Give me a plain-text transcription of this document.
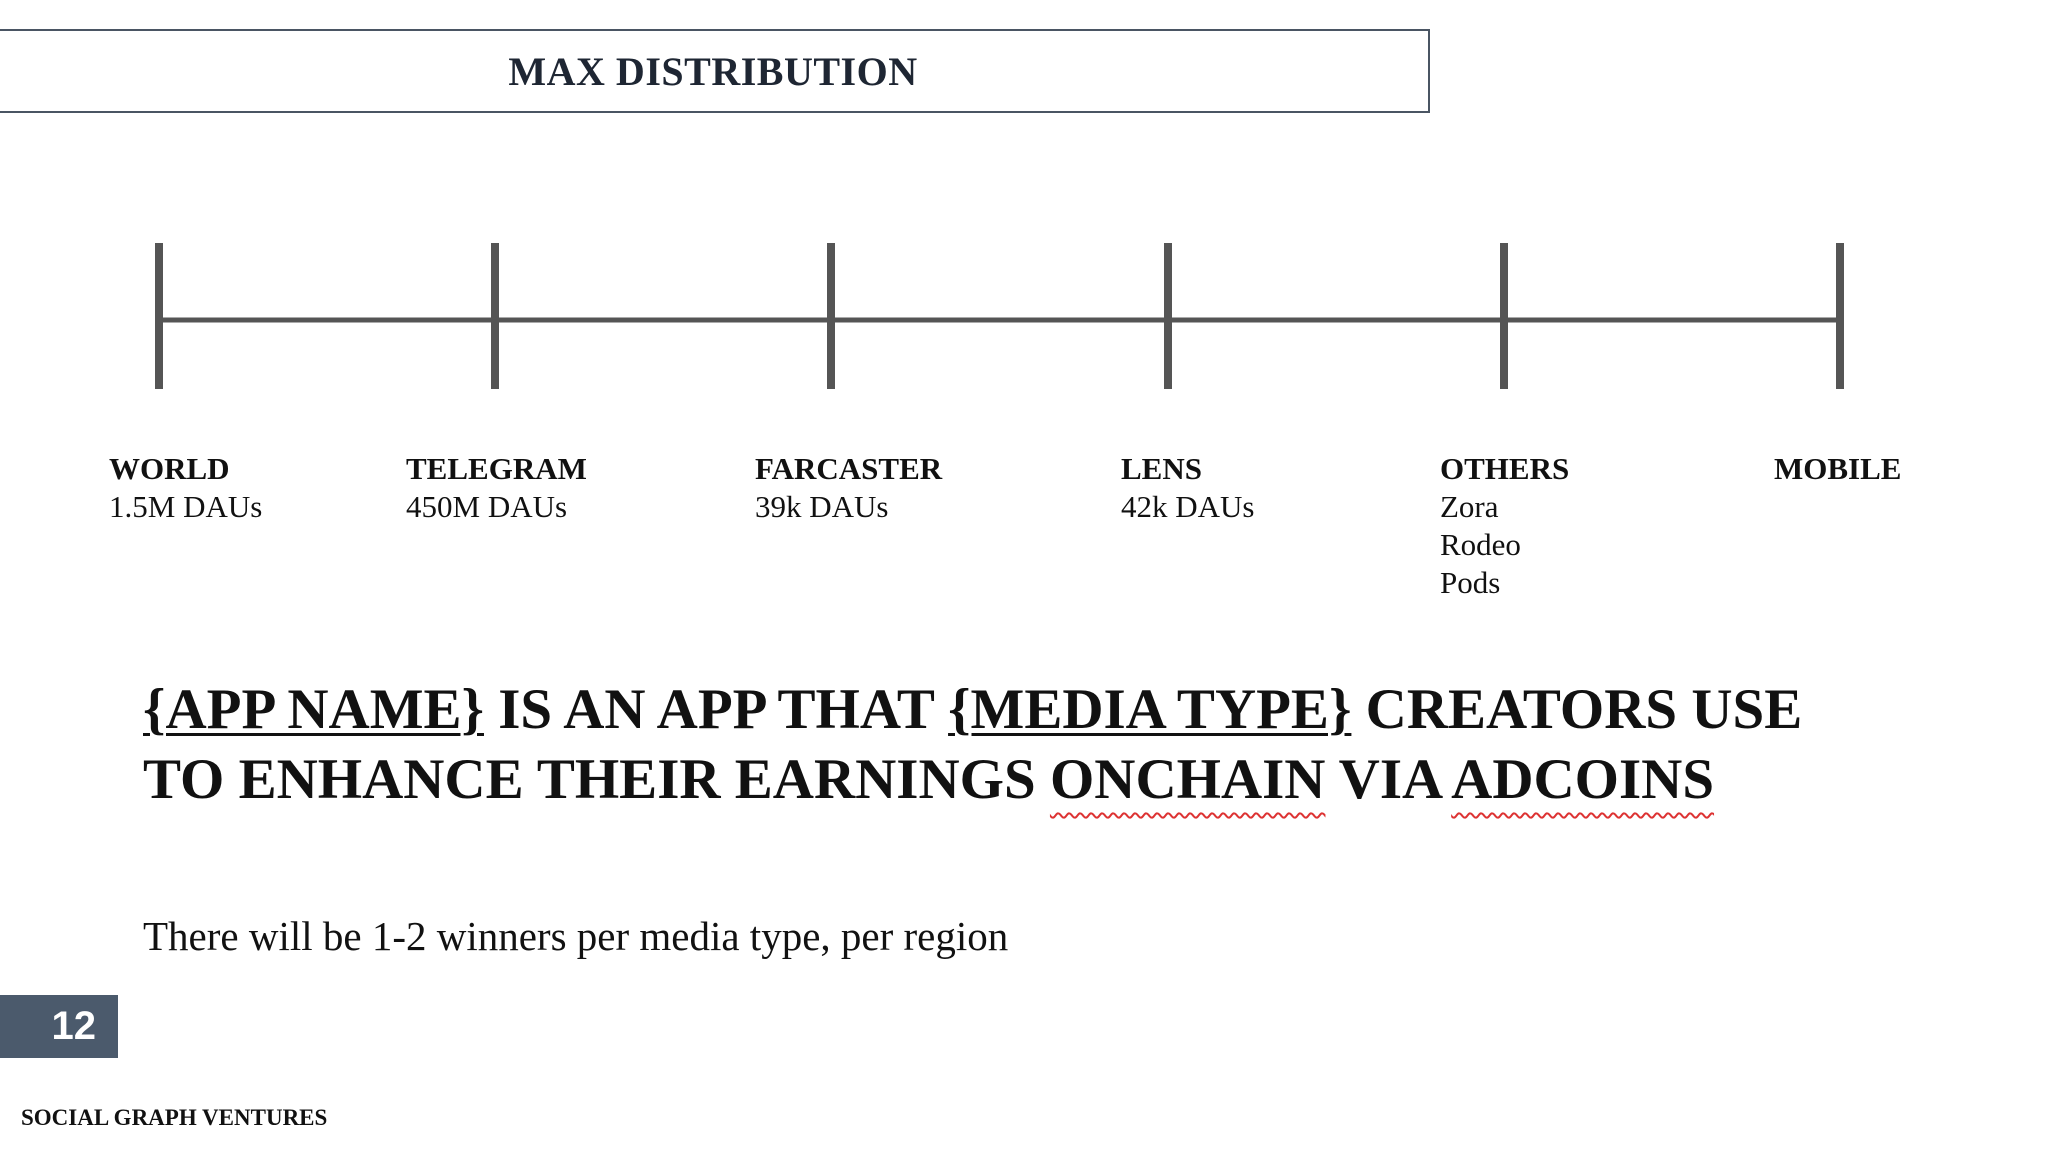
MAX DISTRIBUTION
WORLD
1.5M DAUs
TELEGRAM
450M DAUs
FARCASTER
39k DAUs
LENS
42k DAUs
OTHERS
Zora
Rodeo
Pods
MOBILE
{APP NAME} IS AN APP THAT {MEDIA TYPE} CREATORS USE
TO ENHANCE THEIR EARNINGS ONCHAIN VIA ADCOINS
There will be 1-2 winners per media type, per region
12
SOCIAL GRAPH VENTURES
